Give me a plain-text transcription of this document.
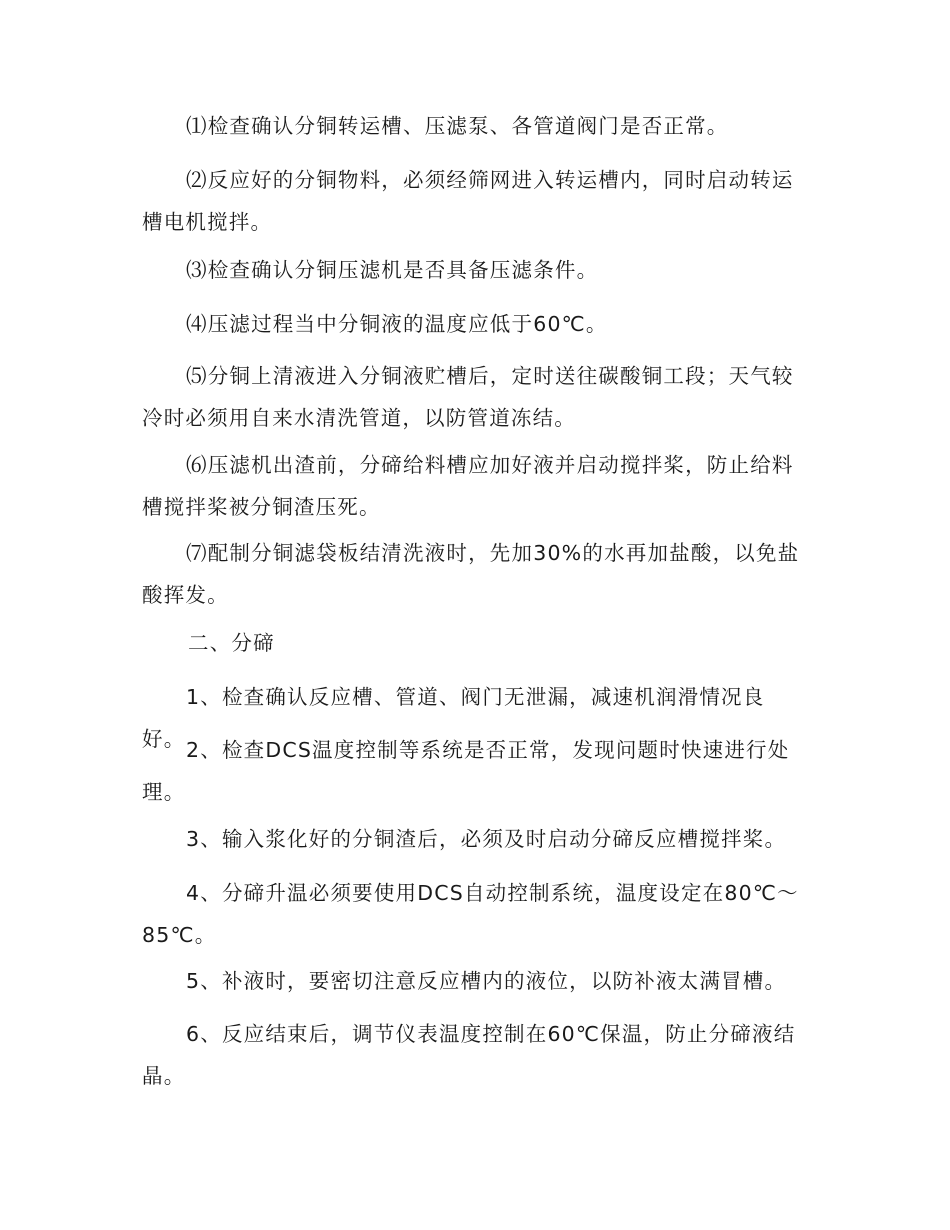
⑴检查确认分铜转运槽、压滤泵、各管道阀门是否正常。

⑵反应好的分铜物料，必须经筛网进入转运槽内，同时启动转运槽电机搅拌。

⑶检查确认分铜压滤机是否具备压滤条件。

⑷压滤过程当中分铜液的温度应低于60℃。

⑸分铜上清液进入分铜液贮槽后，定时送往碳酸铜工段；天气较冷时必须用自来水清洗管道，以防管道冻结。

⑹压滤机出渣前，分碲给料槽应加好液并启动搅拌桨，防止给料槽搅拌桨被分铜渣压死。

⑺配制分铜滤袋板结清洗液时，先加30%的水再加盐酸，以免盐酸挥发。

二、分碲

1、检查确认反应槽、管道、阀门无泄漏，减速机润滑情况良好。 2、检查DCS温度控制等系统是否正常，发现问题时快速进行处理。

3、输入浆化好的分铜渣后，必须及时启动分碲反应槽搅拌桨。

4、分碲升温必须要使用DCS自动控制系统，温度设定在80℃～85℃。

5、补液时，要密切注意反应槽内的液位，以防补液太满冒槽。

6、反应结束后，调节仪表温度控制在60℃保温，防止分碲液结晶。
